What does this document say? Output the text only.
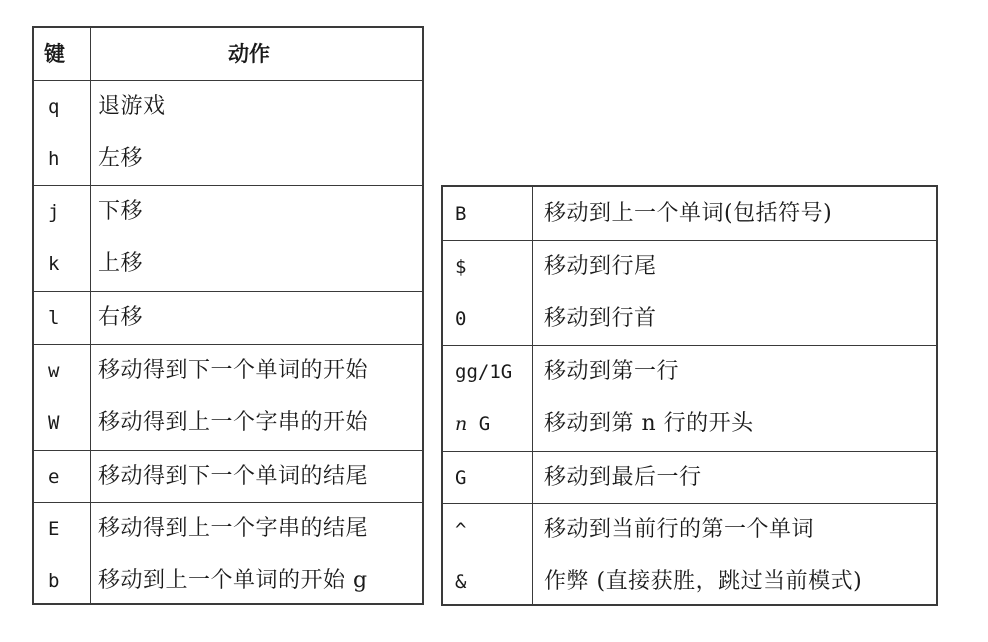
键	动作
q 退游戏
h 左移
j 下移
k 上移
l 右移
w 移动得到下一个单词的开始
W 移动得到上一个字串的开始
e 移动得到下一个单词的结尾
E 移动得到上一个字串的结尾
b 移动到上一个单词的开始 g
B	移动到上一个单词(包括符号)
$	移动到行尾
0	移动到行首
gg/1G 移动到第一行
n G 移动到第 n 行的开头
G	移动到最后一行
^	移动到当前行的第一个单词
&	作弊 (直接获胜，跳过当前模式)
